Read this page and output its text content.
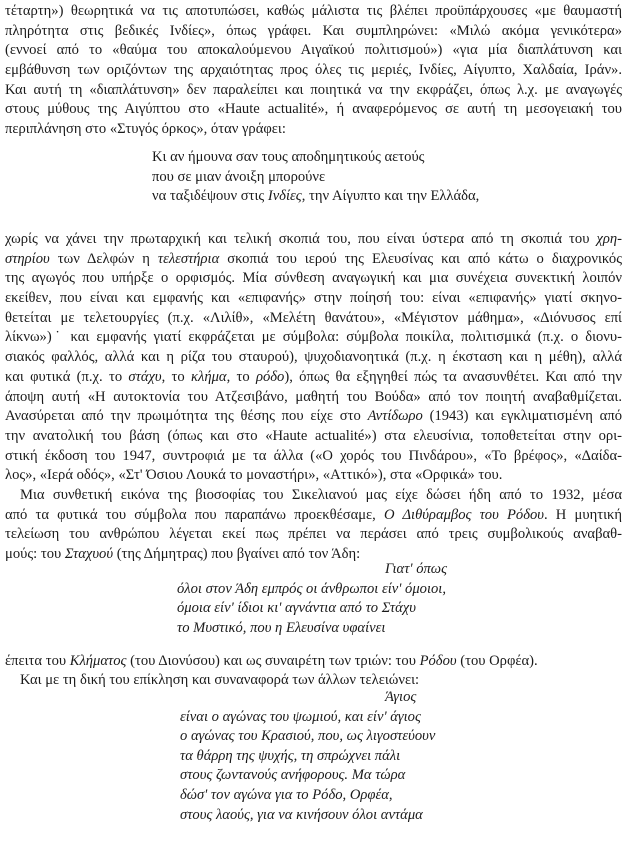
τέταρτη») θεωρητικά να τις αποτυπώσει, καθώς μάλιστα τις βλέπει προϋπάρχουσες «με θαυμαστή
πληρότητα στις βεδικές Ινδίες», όπως γράφει. Και συμπληρώνει: «Μιλώ ακόμα γενικότερα»
(εννοεί από το «θαύμα του αποκαλούμενου Αιγαϊκού πολιτισμού») «για μία διαπλάτυνση και
εμβάθυνση των οριζόντων της αρχαιότητας προς όλες τις μεριές, Ινδίες, Αίγυπτο, Χαλδαία, Ιράν».
Και αυτή τη «διαπλάτυνση» δεν παραλείπει και ποιητικά να την εκφράζει, όπως λ.χ. με αναγωγές
στους μύθους της Αιγύπτου στο «Haute actualité», ή αναφερόμενος σε αυτή τη μεσογειακή του
περιπλάνηση στο «Στυγός όρκος», όταν γράφει:
Κι αν ήμουνα σαν τους αποδημητικούς αετούς
που σε μιαν άνοιξη μπορούνε
να ταξιδέψουν στις Ινδίες, την Αίγυπτο και την Ελλάδα,
χωρίς να χάνει την πρωταρχική και τελική σκοπιά του, που είναι ύστερα από τη σκοπιά του χρη-
στηρίου των Δελφών η τελεστήρια σκοπιά του ιερού της Ελευσίνας και από κάτω ο διαχρονικός
της αγωγός που υπήρξε ο ορφισμός. Μία σύνθεση αναγωγική και μια συνέχεια συνεκτική λοιπόν
εκείθεν, που είναι και εμφανής και «επιφανής» στην ποίησή του: είναι «επιφανής» γιατί σκηνο-
θετείται με τελετουργίες (π.χ. «Λιλίθ», «Μελέτη θανάτου», «Μέγιστον μάθημα», «Διόνυσος επί
λίκνω»)˙ και εμφανής γιατί εκφράζεται με σύμβολα: σύμβολα ποικίλα, πολιτισμικά (π.χ. ο διονυ-
σιακός φαλλός, αλλά και η ρίζα του σταυρού), ψυχοδιανοητικά (π.χ. η έκσταση και η μέθη), αλλά
και φυτικά (π.χ. το στάχυ, το κλήμα, το ρόδο), όπως θα εξηγηθεί πώς τα ανασυνθέτει. Και από την
άποψη αυτή «Η αυτοκτονία του Ατζεσιβάνο, μαθητή του Βούδα» από τον ποιητή αναβαθμίζεται.
Ανασύρεται από την πρωιμότητα της θέσης που είχε στο Αντίδωρο (1943) και εγκλιματισμένη από
την ανατολική του βάση (όπως και στο «Haute actualité») στα ελευσίνια, τοποθετείται στην ορι-
στική έκδοση του 1947, συντροφιά με τα άλλα («Ο χορός του Πινδάρου», «Το βρέφος», «Δαίδα-
λος», «Ιερά οδός», «Στ' Όσιου Λουκά το μοναστήρι», «Αττικό»), στα «Ορφικά» του.
Μια συνθετική εικόνα της βιοσοφίας του Σικελιανού μας είχε δώσει ήδη από το 1932, μέσα
από τα φυτικά του σύμβολα που παραπάνω προεκθέσαμε, Ο Διθύραμβος του Ρόδου. Η μυητική
τελείωση του ανθρώπου λέγεται εκεί πως πρέπει να περάσει από τρεις συμβολικούς αναβαθ-
μούς: του Σταχυού (της Δήμητρας) που βγαίνει από τον Άδη:
Γιατ' όπως
όλοι στον Άδη εμπρός οι άνθρωποι είν' όμοιοι,
όμοια είν' ίδιοι κι' αγνάντια από το Στάχυ
το Μυστικό, που η Ελευσίνα υφαίνει
έπειτα του Κλήματος (του Διονύσου) και ως συναιρέτη των τριών: του Ρόδου (του Ορφέα).
Και με τη δική του επίκληση και συναναφορά των άλλων τελειώνει:
Άγιος
είναι ο αγώνας του ψωμιού, και είν' άγιος
ο αγώνας του Κρασιού, που, ως λιγοστεύουν
τα θάρρη της ψυχής, τη σπρώχνει πάλι
στους ζωντανούς ανήφορους. Μα τώρα
δώσ' τον αγώνα για το Ρόδο, Ορφέα,
στους λαούς, για να κινήσουν όλοι αντάμα
